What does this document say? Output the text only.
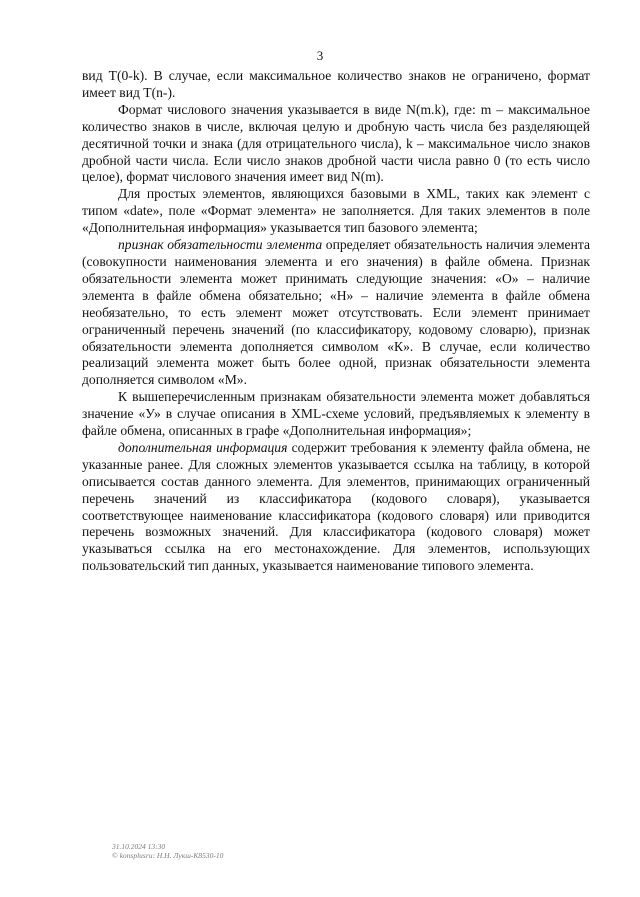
3

вид T(0-k). В случае, если максимальное количество знаков не ограничено, формат имеет вид T(n-).

Формат числового значения указывается в виде N(m.k), где: m – максимальное количество знаков в числе, включая целую и дробную часть числа без разделяющей десятичной точки и знака (для отрицательного числа), k – максимальное число знаков дробной части числа. Если число знаков дробной части числа равно 0 (то есть число целое), формат числового значения имеет вид N(m).

Для простых элементов, являющихся базовыми в XML, таких как элемент с типом «date», поле «Формат элемента» не заполняется. Для таких элементов в поле «Дополнительная информация» указывается тип базового элемента;

признак обязательности элемента определяет обязательность наличия элемента (совокупности наименования элемента и его значения) в файле обмена. Признак обязательности элемента может принимать следующие значения: «О» – наличие элемента в файле обмена обязательно; «Н» – наличие элемента в файле обмена необязательно, то есть элемент может отсутствовать. Если элемент принимает ограниченный перечень значений (по классификатору, кодовому словарю), признак обязательности элемента дополняется символом «К». В случае, если количество реализаций элемента может быть более одной, признак обязательности элемента дополняется символом «М».

К вышеперечисленным признакам обязательности элемента может добавляться значение «У» в случае описания в XML-схеме условий, предъявляемых к элементу в файле обмена, описанных в графе «Дополнительная информация»;

дополнительная информация содержит требования к элементу файла обмена, не указанные ранее. Для сложных элементов указывается ссылка на таблицу, в которой описывается состав данного элемента. Для элементов, принимающих ограниченный перечень значений из классификатора (кодового словаря), указывается соответствующее наименование классификатора (кодового словаря) или приводится перечень возможных значений. Для классификатора (кодового словаря) может указываться ссылка на его местонахождение. Для элементов, использующих пользовательский тип данных, указывается наименование типового элемента.

31.10.2024 13:30
© konsplusru: Н.Н. Лукш-К8530-10
